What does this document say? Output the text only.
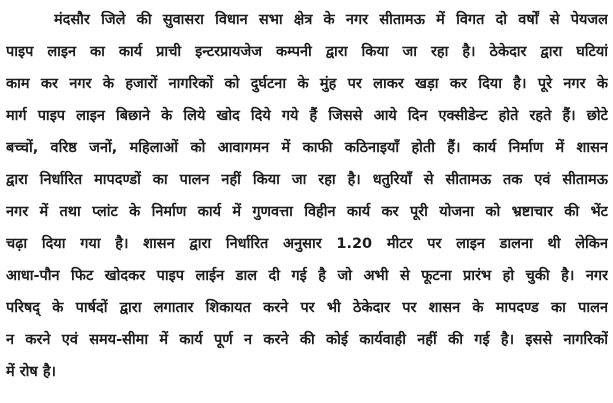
मंदसौर जिले की सुवासरा विधान सभा क्षेत्र के नगर सीतामऊ में विगत दो वर्षों से पेयजल
पाइप लाइन का कार्य प्राची इन्टरप्रायजेज कम्पनी द्वारा किया जा रहा है। ठेकेदार द्वारा घटियां
काम कर नगर के हजारों नागरिकों को दुर्घटना के मुंह पर लाकर खड़ा कर दिया है। पूरे नगर के
मार्ग पाइप लाइन बिछाने के लिये खोद दिये गये हैं जिससे आये दिन एक्सीडेन्ट होते रहते हैं। छोटे
बच्चों, वरिष्ठ जनों, महिलाओं को आवागमन में काफी कठिनाइयाँ होती हैं। कार्य निर्माण में शासन
द्वारा निर्धारित मापदण्डों का पालन नहीं किया जा रहा है। धतुरियॉं से सीतामऊ तक एवं सीतामऊ
नगर में तथा प्लांट के निर्माण कार्य में गुणवत्ता विहीन कार्य कर पूरी योजना को भ्रष्टाचार की भेंट
चढ़ा दिया गया है। शासन द्वारा निर्धारित अनुसार 1.20 मीटर पर लाइन डालना थी लेकिन
आधा-पौन फिट खोदकर पाइप लाईन डाल दी गई है जो अभी से फूटना प्रारंभ हो चुकी है। नगर
परिषद् के पार्षदों द्वारा लगातार शिकायत करने पर भी ठेकेदार पर शासन के मापदण्ड का पालन
न करने एवं समय-सीमा में कार्य पूर्ण न करने की कोई कार्यवाही नहीं की गई है। इससे नागरिकों
में रोष है।
